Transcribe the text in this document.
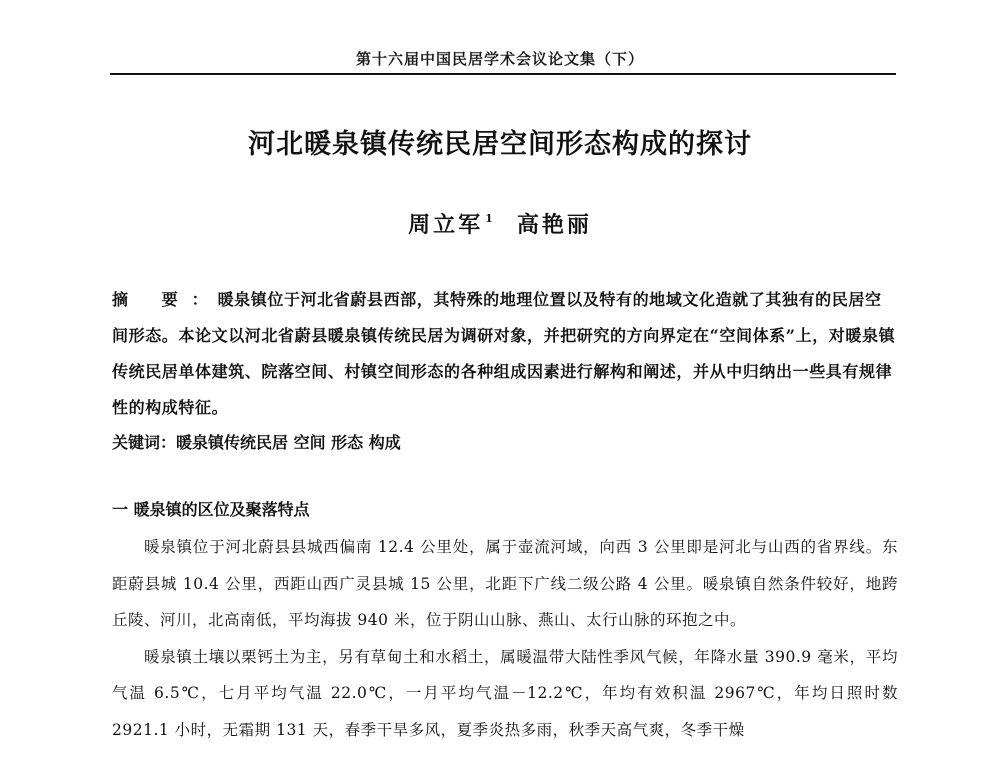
第十六届中国民居学术会议论文集（下）
河北暖泉镇传统民居空间形态构成的探讨
周立军 $^1$ 高艳丽
摘 要：暖泉镇位于河北省蔚县西部，其特殊的地理位置以及特有的地域文化造就了其独有的民居空间形态。本论文以河北省蔚县暖泉镇传统民居为调研对象，并把研究的方向界定在“空间体系”上，对暖泉镇传统民居单体建筑、院落空间、村镇空间形态的各种组成因素进行解构和阐述，并从中归纳出一些具有规律性的构成特征。
关键词：暖泉镇传统民居 空间 形态 构成
一 暖泉镇的区位及聚落特点

暖泉镇位于河北蔚县县城西偏南 12.4 公里处，属于壶流河域，向西 3 公里即是河北与山西的省界线。东距蔚县城 10.4 公里，西距山西广灵县城 15 公里，北距下广线二级公路 4 公里。暖泉镇自然条件较好，地跨丘陵、河川，北高南低，平均海拔 940 米，位于阴山山脉、燕山、太行山脉的环抱之中。

暖泉镇土壤以栗钙土为主，另有草甸土和水稻土，属暖温带大陆性季风气候，年降水量 390.9 毫米，平均气温 6.5℃，七月平均气温 22.0℃，一月平均气温－12.2℃，年均有效积温 2967℃，年均日照时数 2921.1 小时，无霜期 131 天，春季干旱多风，夏季炎热多雨，秋季天高气爽，冬季干燥
